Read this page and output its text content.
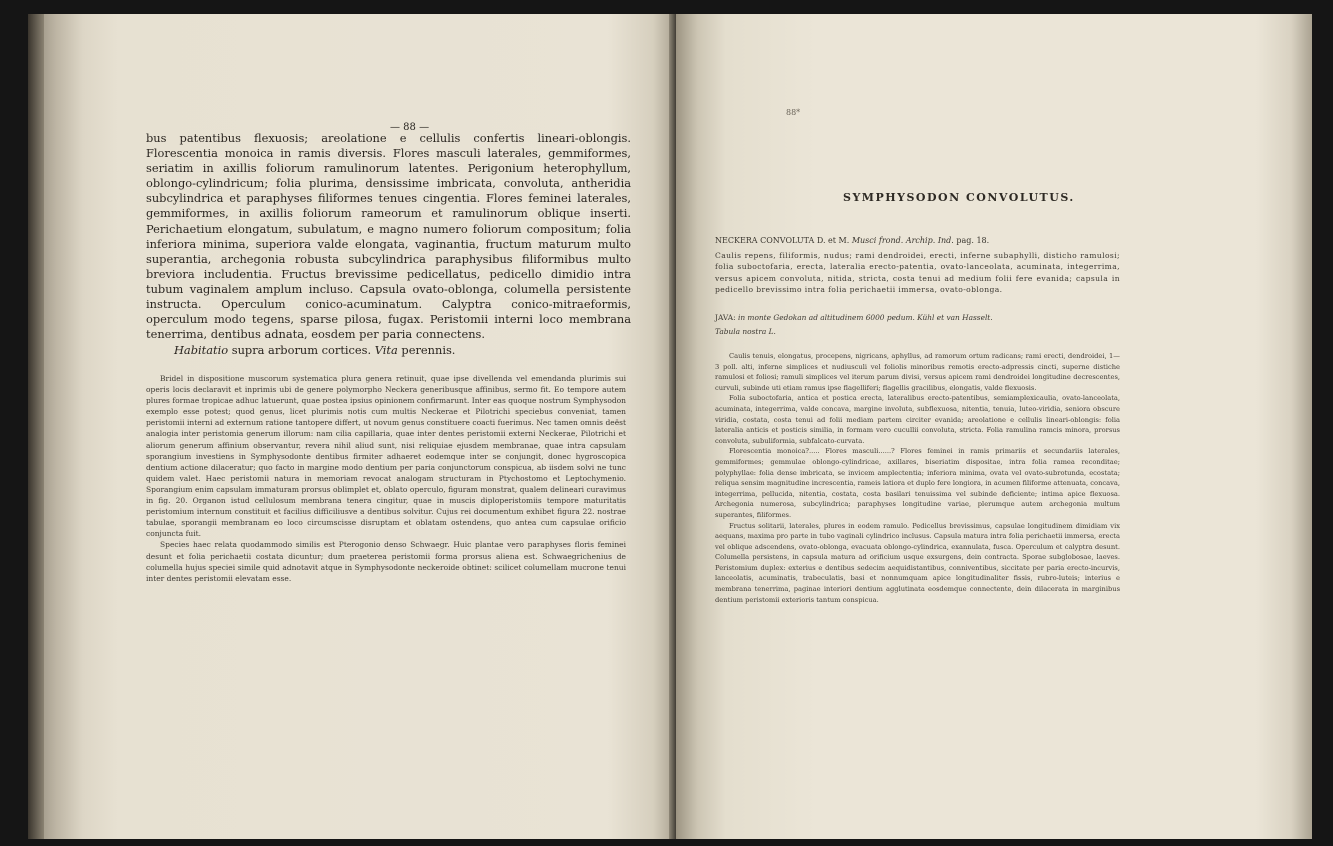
— 88 —

bus patentibus flexuosis; areolatione e cellulis confertis lineari-oblongis. Florescentia monoica in ramis diversis. Flores masculi laterales, gemmiformes, seriatim in axillis foliorum ramulinorum latentes. Perigonium heterophyllum, oblongo-cylindricum; folia plurima, densissime imbricata, convoluta, antheridia subcylindrica et paraphyses filiformes tenues cingentia. Flores feminei laterales, gemmiformes, in axillis foliorum rameorum et ramulinorum oblique inserti. Perichaetium elongatum, subulatum, e magno numero foliorum compositum; folia inferiora minima, superiora valde elongata, vaginantia, fructum maturum multo superantia, archegonia robusta subcylindrica paraphysibus filiformibus multo breviora includentia. Fructus brevissime pedicellatus, pedicello dimidio intra tubum vaginalem amplum incluso. Capsula ovato-oblonga, columella persistente instructa. Operculum conico-acuminatum. Calyptra conico-mitraeformis, operculum modo tegens, sparse pilosa, fugax. Peristomii interni loco membrana tenerrima, dentibus adnata, eosdem per paria connectens.

Habitatio supra arborum cortices. Vita perennis.

Bridel in dispositione muscorum systematica plura genera retinuit, quae ipse divellenda vel emendanda plurimis sui operis locis declaravit et inprimis ubi de genere polymorpho Neckera generibusque affinibus, sermo fit. Eo tempore autem plures formae tropicae adhuc latuerunt, quae postea ipsius opinionem confirmarunt. Inter eas quoque nostrum Symphysodon exemplo esse potest; quod genus, licet plurimis notis cum multis Neckerae et Pilotrichi speciebus conveniat, tamen peristomii interni ad externum ratione tantopere differt, ut novum genus constituere coacti fuerimus. Nec tamen omnis deëst analogia inter peristomia generum illorum: nam cilia capillaria, quae inter dentes peristomii externi Neckerae, Pilotrichi et aliorum generum affinium observantur, revera nihil aliud sunt, nisi reliquiae ejusdem membranae, quae intra capsulam sporangium investiens in Symphysodonte dentibus firmiter adhaeret eodemque inter se conjungit, donec hygroscopica dentium actione dilaceratur; quo facto in margine modo dentium per paria conjunctorum conspicua, ab iisdem solvi ne tunc quidem valet. Haec peristomii natura in memoriam revocat analogam structuram in Ptychostomo et Leptochymenio. Sporangium enim capsulam immaturam prorsus oblimplet et, oblato operculo, figuram monstrat, qualem delineari curavimus in fig. 20. Organon istud cellulosum membrana tenera cingitur, quae in muscis diploperistomiis tempore maturitatis peristomium internum constituit et facilius difficiliusve a dentibus solvitur. Cujus rei documentum exhibet figura 22. nostrae tabulae, sporangii membranam eo loco circumscisse disruptam et oblatam ostendens, quo antea cum capsulae orificio conjuncta fuit.

Species haec relata quodammodo similis est Pterogonio denso Schwaegr. Huic plantae vero paraphyses floris feminei desunt et folia perichaetii costata dicuntur; dum praeterea peristomii forma prorsus aliena est. Schwaegrichenius de columella hujus speciei simile quid adnotavit atque in Symphysodonte neckeroide obtinet: scilicet columellam mucrone tenui inter dentes peristomii elevatam esse.

88*
SYMPHYSODON CONVOLUTUS.
NECKERA CONVOLUTA D. et M. Musci frond. Archip. Ind. pag. 18.
Caulis repens, filiformis, nudus; rami dendroidei, erecti, inferne subaphylli, disticho ramulosi; folia suboctofaria, erecta, lateralia erecto-patentia, ovato-lanceolata, acuminata, integerrima, versus apicem convoluta, nitida, stricta, costa tenui ad medium folii fere evanida; capsula in pedicello brevissimo intra folia perichaetii immersa, ovato-oblonga.
JAVA: in monte Gedokan ad altitudinem 6000 pedum. Kühl et van Hasselt.
Tabula nostra L.

Caulis tenuis, elongatus, procepens, nigricans, aphyllus, ad ramorum ortum radicans; rami erecti, dendroidei, 1—3 poll. alti, inferne simplices et nudiusculi vel foliolis minoribus remotis erecto-adpressis cincti, superne distiche ramulosi et foliosi; ramuli simplices vel iterum parum divisi, versus apicem rami dendroidei longitudine decrescentes, curvuli, subinde uti etiam ramus ipse flagelliferi; flagellis gracilibus, elongatis, valde flexuosis.

Folia suboctofaria, antica et postica erecta, lateralibus erecto-patentibus, semiamplexicaulia, ovato-lanceolata, acuminata, integerrima, valde concava, margine involuta, subflexuosa, nitentia, tenuia, luteo-viridia, seniora obscure viridia, costata, costa tenui ad folii mediam partem circiter evanida; areolatione e cellulis lineari-oblongis: folia lateralia anticis et posticis similia, in formam vero cucullii convoluta, stricta. Folia ramulina ramcis minora, prorsus convoluta, subuliformia, subfalcato-curvata.

Florescentia monoica?..... Flores masculi......? Flores feminei in ramis primariis et secundariis laterales, gemmiformes; gemmulae oblongo-cylindricae, axillares, biseriatim dispositae, intra folia ramea reconditae; polyphyllae: folia dense imbricata, se invicem amplectentia; inferiora minima, ovata vel ovato-subrotunda, ecostata; reliqua sensim magnitudine increscentia, rameis latiora et duplo fere longiora, in acumen filiforme attenuata, concava, integerrima, pellucida, nitentia, costata, costa basilari tenuissima vel subinde deficiente; intima apice flexuosa. Archegonia numerosa, subcylindrica; paraphyses longitudine variae, plerumque autem archegonia multum superantes, filiformes.

Fructus solitarii, laterales, plures in eodem ramulo. Pedicellus brevissimus, capsulae longitudinem dimidiam vix aequans, maxima pro parte in tubo vaginali cylindrico inclusus. Capsula matura intra folia perichaetii immersa, erecta vel oblique adscendens, ovato-oblonga, evacuata oblongo-cylindrica, exannulata, fusca. Operculum et calyptra desunt. Columella persistens, in capsula matura ad orificium usque exsurgens, dein contracta. Sporae subglobosae, laeves. Peristomium duplex: exterius e dentibus sedecim aequidistantibus, conniventibus, siccitate per paria erecto-incurvis, lanceolatis, acuminatis, trabeculatis, basi et nonnumquam apice longitudinaliter fissis, rubro-luteis; interius e membrana tenerrima, paginae interiori dentium agglutinata eosdemque connectente, dein dilacerata in marginibus dentium peristomii exterioris tantum conspicua.
